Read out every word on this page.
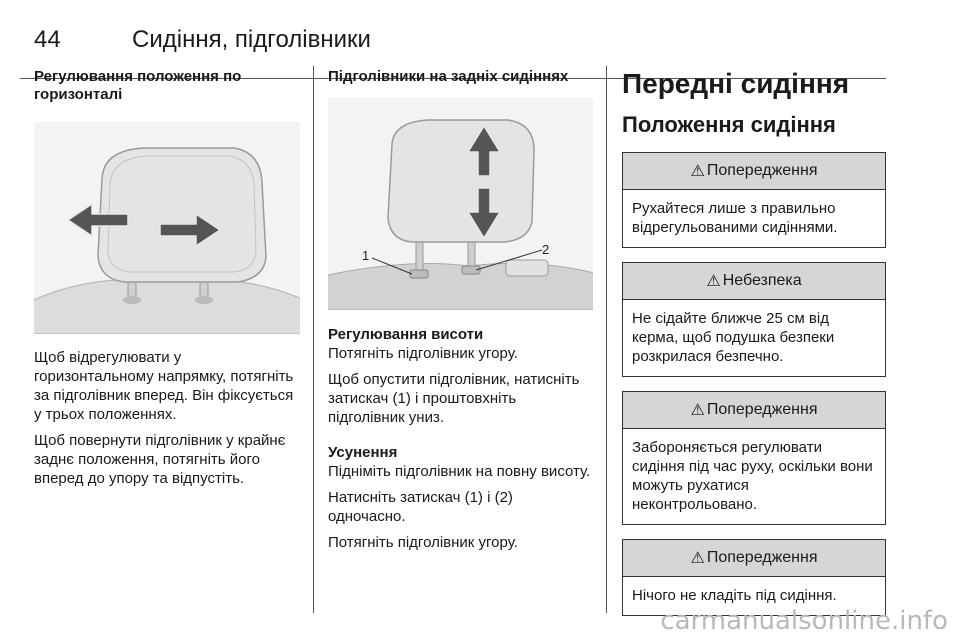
44	Сидіння, підголівники
Регулювання положення по горизонталі

Щоб відрегулювати у горизонтальному напрямку, потягніть за підголівник вперед. Він фіксується у трьох положеннях.

Щоб повернути підголівник у крайнє заднє положення, потягніть його вперед до упору та відпустіть.

Підголівники на задніх сидіннях
1	2
Регулювання висоти

Потягніть підголівник угору.

Щоб опустити підголівник, натисніть затискач (1) і проштовхніть підголівник униз.

Усунення

Підніміть підголівник на повну висоту.

Натисніть затискач (1) і (2) одночасно.

Потягніть підголівник угору.

Передні сидіння
Положення сидіння
⚠ Попередження
Рухайтеся лише з правильно відрегульованими сидіннями.
⚠ Небезпека
Не сідайте ближче 25 см від керма, щоб подушка безпеки розкрилася безпечно.
⚠ Попередження
Забороняється регулювати сидіння під час руху, оскільки вони можуть рухатися неконтрольовано.
⚠ Попередження
Нічого не кладіть під сидіння.
carmanualsonline.info
